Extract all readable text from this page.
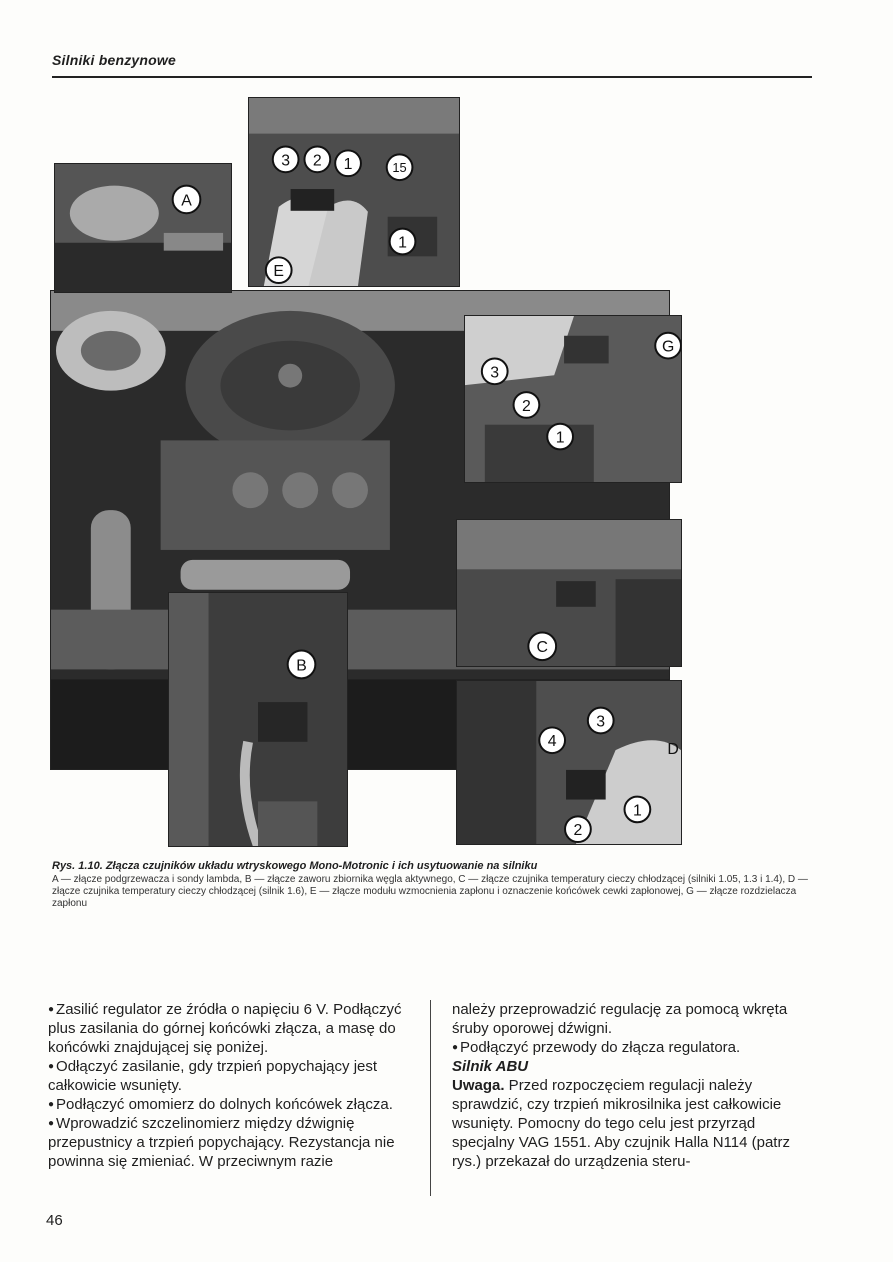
Silniki benzynowe
A
3 2 1	15
1
E
G
3
2
1
B
C
3
4	D
1
2
Rys. 1.10. Złącza czujników układu wtryskowego Mono-Motronic i ich usytuowanie na silniku
A — złącze podgrzewacza i sondy lambda, B — złącze zaworu zbiornika węgla aktywnego, C — złącze czujnika temperatury cieczy chłodzącej (silniki 1.05, 1.3 i 1.4), D — złącze czujnika temperatury cieczy chłodzącej (silnik 1.6), E — złącze modułu wzmocnienia zapłonu i oznaczenie końcówek cewki zapłonowej, G — złącze rozdzielacza zapłonu

● Zasilić regulator ze źródła o napięciu 6 V. Podłączyć plus zasilania do górnej końcówki złącza, a masę do końcówki znajdującej się poniżej.

● Odłączyć zasilanie, gdy trzpień popychający jest całkowicie wsunięty.

● Podłączyć omomierz do dolnych końcówek złącza.

● Wprowadzić szczelinomierz między dźwignię przepustnicy a trzpień popychający. Rezystancja nie powinna się zmieniać. W przeciwnym razie

należy przeprowadzić regulację za pomocą wkręta śruby oporowej dźwigni.

● Podłączyć przewody do złącza regulatora.

Silnik ABU

Uwaga. Przed rozpoczęciem regulacji należy sprawdzić, czy trzpień mikrosilnika jest całkowicie wsunięty. Pomocny do tego celu jest przyrząd specjalny VAG 1551. Aby czujnik Halla N114 (patrz rys.) przekazał do urządzenia steru-

46
